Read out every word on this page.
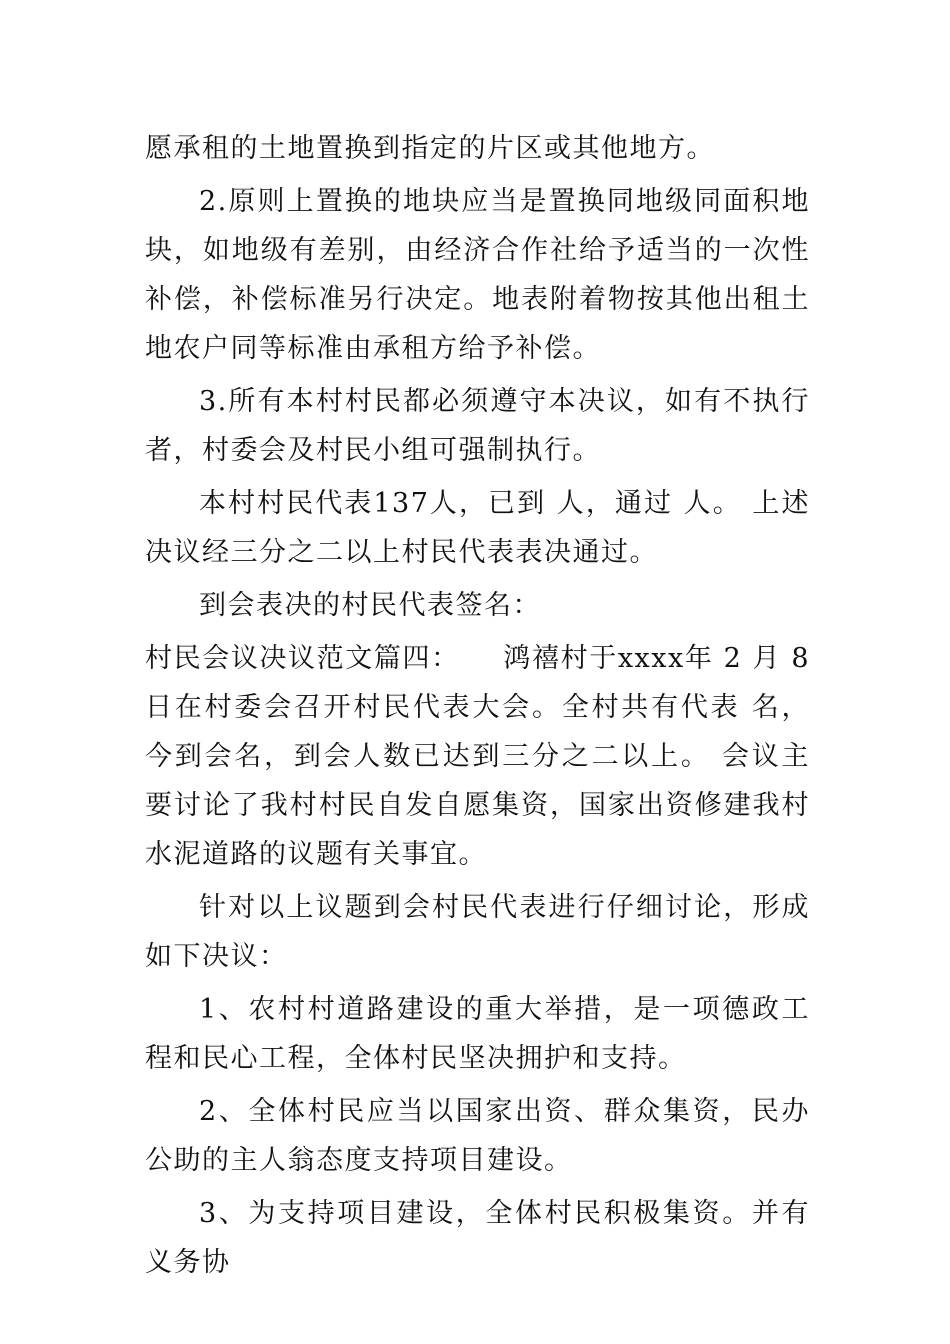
愿承租的土地置换到指定的片区或其他地方。

2.原则上置换的地块应当是置换同地级同面积地块，如地级有差别，由经济合作社给予适当的一次性补偿，补偿标准另行决定。地表附着物按其他出租土地农户同等标准由承租方给予补偿。

3.所有本村村民都必须遵守本决议，如有不执行者，村委会及村民小组可强制执行。

本村村民代表137人，已到 人，通过 人。 上述决议经三分之二以上村民代表表决通过。

到会表决的村民代表签名：

村民会议决议范文篇四：　　鸿禧村于xxxx年 2 月 8 日在村委会召开村民代表大会。全村共有代表 名，今到会名，到会人数已达到三分之二以上。 会议主要讨论了我村村民自发自愿集资，国家出资修建我村水泥道路的议题有关事宜。

针对以上议题到会村民代表进行仔细讨论，形成如下决议：

1、农村村道路建设的重大举措，是一项德政工程和民心工程，全体村民坚决拥护和支持。

2、全体村民应当以国家出资、群众集资，民办公助的主人翁态度支持项目建设。

3、为支持项目建设，全体村民积极集资。并有义务协
